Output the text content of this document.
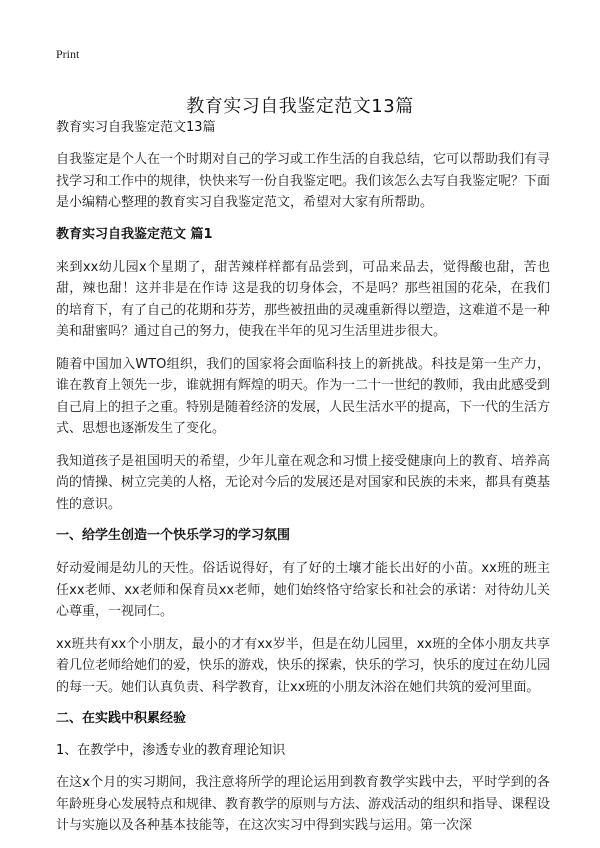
Print
教育实习自我鉴定范文13篇
教育实习自我鉴定范文13篇

自我鉴定是个人在一个时期对自己的学习或工作生活的自我总结，它可以帮助我们有寻找学习和工作中的规律，快快来写一份自我鉴定吧。我们该怎么去写自我鉴定呢？下面是小编精心整理的教育实习自我鉴定范文，希望对大家有所帮助。

教育实习自我鉴定范文 篇1

来到xx幼儿园x个星期了，甜苦辣样样都有品尝到，可品来品去，觉得酸也甜，苦也甜，辣也甜！这并非是在作诗 这是我的切身体会，不是吗？那些祖国的花朵，在我们的培育下，有了自己的花期和芬芳，那些被扭曲的灵魂重新得以塑造，这难道不是一种美和甜蜜吗？通过自己的努力，使我在半年的见习生活里进步很大。

随着中国加入WTO组织，我们的国家将会面临科技上的新挑战。科技是第一生产力，谁在教育上领先一步，谁就拥有辉煌的明天。作为一二十一世纪的教师，我由此感受到自己肩上的担子之重。特别是随着经济的发展，人民生活水平的提高，下一代的生活方式、思想也逐渐发生了变化。

我知道孩子是祖国明天的希望，少年儿童在观念和习惯上接受健康向上的教育、培养高尚的情操、树立完美的人格，无论对今后的发展还是对国家和民族的未来，都具有奠基性的意识。

一、给学生创造一个快乐学习的学习氛围

好动爱闹是幼儿的天性。俗话说得好，有了好的土壤才能长出好的小苗。xx班的班主任xx老师、xx老师和保育员xx老师，她们始终恪守给家长和社会的承诺：对待幼儿关心尊重，一视同仁。

xx班共有xx个小朋友，最小的才有xx岁半，但是在幼儿园里，xx班的全体小朋友共享着几位老师给她们的爱，快乐的游戏，快乐的探索，快乐的学习，快乐的度过在幼儿园的每一天。她们认真负责、科学教育，让xx班的小朋友沐浴在她们共筑的爱河里面。

二、在实践中积累经验
1、在教学中，渗透专业的教育理论知识

在这x个月的实习期间，我注意将所学的理论运用到教育教学实践中去，平时学到的各年龄班身心发展特点和规律、教育教学的原则与方法、游戏活动的组织和指导、课程设计与实施以及各种基本技能等，在这次实习中得到实践与运用。第一次深
